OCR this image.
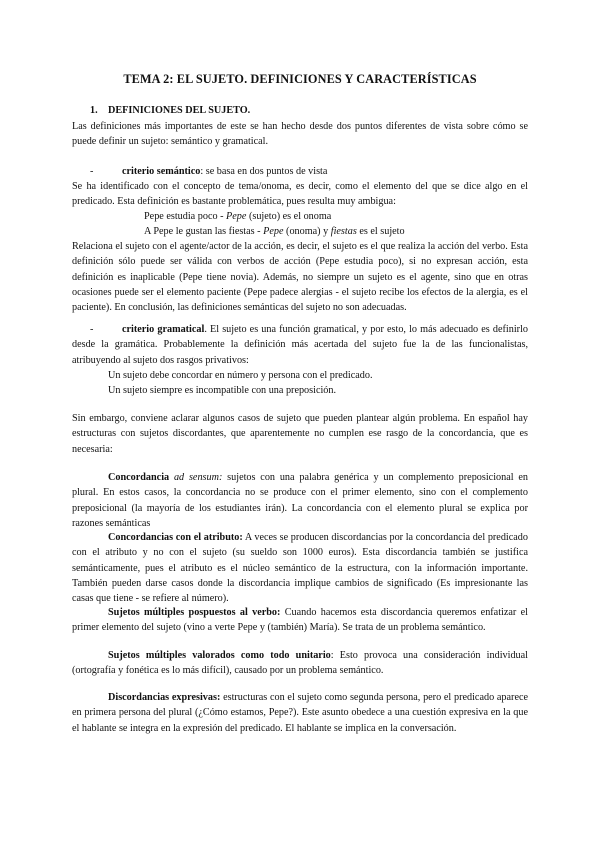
TEMA 2: EL SUJETO. DEFINICIONES Y CARACTERÍSTICAS
1. DEFINICIONES DEL SUJETO.
Las definiciones más importantes de este se han hecho desde dos puntos diferentes de vista sobre cómo se puede definir un sujeto: semántico y gramatical.
-	criterio semántico: se basa en dos puntos de vista
Se ha identificado con el concepto de tema/onoma, es decir, como el elemento del que se dice algo en el predicado. Esta definición es bastante problemática, pues resulta muy ambigua:
Pepe estudia poco - Pepe (sujeto) es el onoma
A Pepe le gustan las fiestas - Pepe (onoma) y fiestas es el sujeto
Relaciona el sujeto con el agente/actor de la acción, es decir, el sujeto es el que realiza la acción del verbo. Esta definición sólo puede ser válida con verbos de acción (Pepe estudia poco), si no expresan acción, esta definición es inaplicable (Pepe tiene novia). Además, no siempre un sujeto es el agente, sino que en otras ocasiones puede ser el elemento paciente (Pepe padece alergias - el sujeto recibe los efectos de la alergia, es el paciente). En conclusión, las definiciones semánticas del sujeto no son adecuadas.
-	criterio gramatical. El sujeto es una función gramatical, y por esto, lo más adecuado es definirlo desde la gramática. Probablemente la definición más acertada del sujeto fue la de las funcionalistas, atribuyendo al sujeto dos rasgos privativos:
Un sujeto debe concordar en número y persona con el predicado.
Un sujeto siempre es incompatible con una preposición.
Sin embargo, conviene aclarar algunos casos de sujeto que pueden plantear algún problema. En español hay estructuras con sujetos discordantes, que aparentemente no cumplen ese rasgo de la concordancia, que es necesaria:
Concordancia ad sensum: sujetos con una palabra genérica y un complemento preposicional en plural. En estos casos, la concordancia no se produce con el primer elemento, sino con el complemento preposicional (la mayoría de los estudiantes irán). La concordancia con el elemento plural se explica por razones semánticas
Concordancias con el atributo: A veces se producen discordancias por la concordancia del predicado con el atributo y no con el sujeto (su sueldo son 1000 euros). Esta discordancia también se justifica semánticamente, pues el atributo es el núcleo semántico de la estructura, con la información importante. También pueden darse casos donde la discordancia implique cambios de significado (Es impresionante las casas que tiene - se refiere al número).
Sujetos múltiples pospuestos al verbo: Cuando hacemos esta discordancia queremos enfatizar el primer elemento del sujeto (vino a verte Pepe y (también) María). Se trata de un problema semántico.
Sujetos múltiples valorados como todo unitario: Esto provoca una consideración individual (ortografía y fonética es lo más difícil), causado por un problema semántico.
Discordancias expresivas: estructuras con el sujeto como segunda persona, pero el predicado aparece en primera persona del plural (¿Cómo estamos, Pepe?). Este asunto obedece a una cuestión expresiva en la que el hablante se integra en la expresión del predicado. El hablante se implica en la conversación.
